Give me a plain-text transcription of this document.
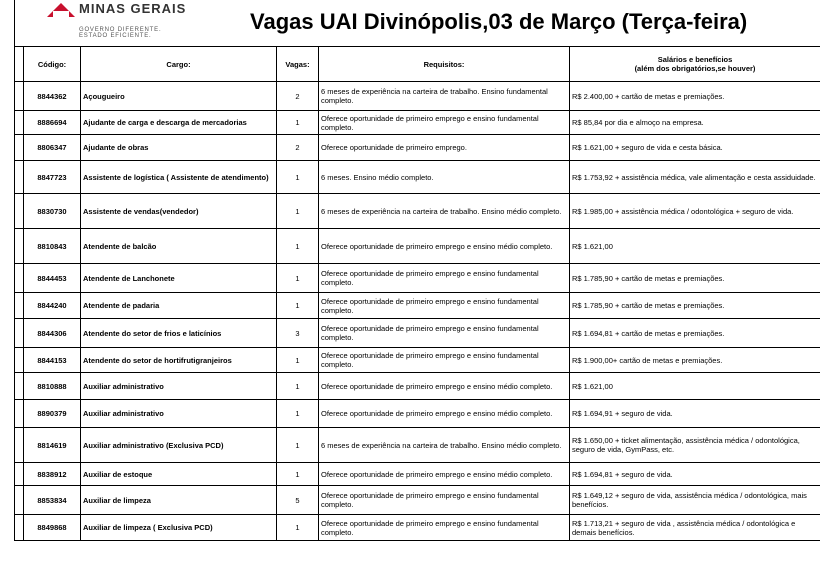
MINAS GERAIS
GOVERNO DIFERENTE. ESTADO EFICIENTE.
Vagas UAI Divinópolis,03 de Março (Terça-feira)
	Código:	Cargo:	Vagas:	Requisitos:	Salários e benefícios
(além dos obrigatórios,se houver)
	8844362	Açougueiro	2	6 meses de experiência na carteira de trabalho. Ensino fundamental completo.	R$ 2.400,00 + cartão de metas e premiações.
	8886694	Ajudante de carga e descarga de mercadorias	1	Oferece oportunidade de primeiro emprego e ensino fundamental completo.	R$ 85,84 por dia e almoço na empresa.
	8806347	Ajudante de obras	2	Oferece oportunidade de primeiro emprego.	R$ 1.621,00 + seguro de vida e cesta básica.
	8847723	Assistente de logística ( Assistente de atendimento)	1	6 meses. Ensino médio completo.	R$ 1.753,92 + assistência médica, vale alimentação e cesta assiduidade.
	8830730	Assistente de vendas(vendedor)	1	6 meses de experiência na carteira de trabalho. Ensino médio completo.	R$ 1.985,00 + assistência médica / odontológica + seguro de vida.
	8810843	Atendente de balcão	1	Oferece oportunidade de primeiro emprego e ensino médio completo.	R$ 1.621,00
	8844453	Atendente de Lanchonete	1	Oferece oportunidade de primeiro emprego e ensino fundamental completo.	R$ 1.785,90 + cartão de metas e premiações.
	8844240	Atendente de padaria	1	Oferece oportunidade de primeiro emprego e ensino fundamental completo.	R$ 1.785,90 + cartão de metas e premiações.
	8844306	Atendente do setor de frios e laticínios	3	Oferece oportunidade de primeiro emprego e ensino fundamental completo.	R$ 1.694,81 + cartão de metas e premiações.
	8844153	Atendente do setor de hortifrutigranjeiros	1	Oferece oportunidade de primeiro emprego e ensino fundamental completo.	R$ 1.900,00+ cartão de metas e premiações.
	8810888	Auxiliar administrativo	1	Oferece oportunidade de primeiro emprego e ensino médio completo.	R$ 1.621,00
	8890379	Auxiliar administrativo	1	Oferece oportunidade de primeiro emprego e ensino médio completo.	R$ 1.694,91 + seguro de vida.
	8814619	Auxiliar administrativo (Exclusiva PCD)	1	6 meses de experiência na carteira de trabalho. Ensino médio completo.	R$ 1.650,00 + ticket alimentação, assistência médica / odontológica, seguro de vida, GymPass, etc.
	8838912	Auxiliar de estoque	1	Oferece oportunidade de primeiro emprego e ensino médio completo.	R$ 1.694,81 + seguro de vida.
	8853834	Auxiliar de limpeza	5	Oferece oportunidade de primeiro emprego e ensino fundamental completo.	R$ 1.649,12 + seguro de vida, assistência médica / odontológica, mais benefícios.
	8849868	Auxiliar de limpeza ( Exclusiva PCD)	1	Oferece oportunidade de primeiro emprego e ensino fundamental completo.	R$ 1.713,21 + seguro de vida , assistência médica / odontológica e demais benefícios.
